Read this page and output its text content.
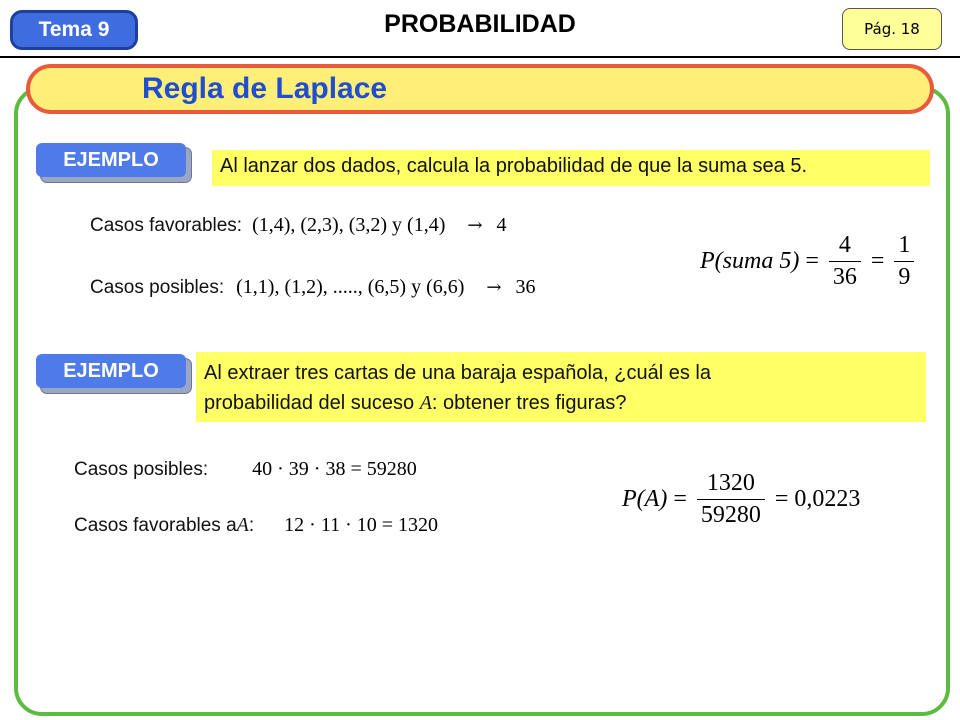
Tema 9	PROBABILIDAD	Pág. 18
Regla de Laplace
EJEMPLO	Al lanzar dos dados, calcula la probabilidad de que la suma sea 5.
Casos favorables: (1,4), (2,3), (3,2) y (1,4) → 4
Casos posibles: (1,1), (1,2), ....., (6,5) y (6,6) → 36
P(suma $5) = \frac{4}{36} = \frac{1}{9}$
EJEMPLO	Al extraer tres cartas de una baraja española, ¿cuál es la
probabilidad del suceso A: obtener tres figuras?
Casos posibles: 40 · 39 · 38 = 59280
Casos favorables a A : 12 · 11 · 10 = 1320
$P(A) = \frac{1320}{59280} = 0,0223$
